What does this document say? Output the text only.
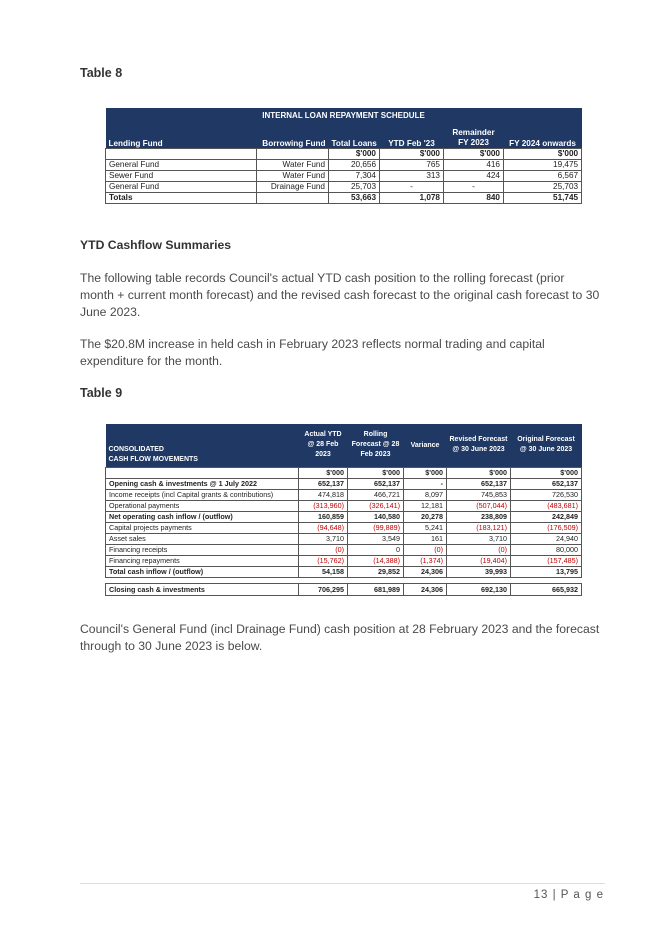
Table 8
INTERNAL LOAN REPAYMENT SCHEDULE					
Lending Fund	Borrowing Fund	Total Loans	YTD Feb '23	Remainder FY 2023	FY 2024 onwards
		$'000	$'000	$'000	$'000
General Fund	Water Fund	20,656	765	416	19,475
Sewer Fund	Water Fund	7,304	313	424	6,567
General Fund	Drainage Fund	25,703	-	-	25,703
Totals		53,663	1,078	840	51,745
YTD Cashflow Summaries
The following table records Council's actual YTD cash position to the rolling forecast (prior month + current month forecast) and the revised cash forecast to the original cash forecast to 30 June 2023.
The $20.8M increase in held cash in February 2023 reflects normal trading and capital expenditure for the month.
Table 9
CONSOLIDATED
CASH FLOW MOVEMENTS	Actual YTD @ 28 Feb 2023	Rolling Forecast @ 28 Feb 2023	Variance	Revised Forecast @ 30 June 2023	Original Forecast @ 30 June 2023
	$'000	$'000	$'000	$'000	$'000
Opening cash & investments @ 1 July 2022	652,137	652,137	-	652,137	652,137
Income receipts (incl Capital grants & contributions)	474,818	466,721	8,097	745,853	726,530
Operational payments	(313,960)	(326,141)	12,181	(507,044)	(483,681)
Net operating cash inflow / (outflow)	160,859	140,580	20,278	238,809	242,849
Capital projects payments	(94,648)	(99,889)	5,241	(183,121)	(176,509)
Asset sales	3,710	3,549	161	3,710	24,940
Financing receipts	(0)	0	(0)	(0)	80,000
Financing repayments	(15,762)	(14,388)	(1,374)	(19,404)	(157,485)
Total cash inflow / (outflow)	54,158	29,852	24,306	39,993	13,795

Closing cash & investments	706,295	681,989	24,306	692,130	665,932
Council's General Fund (incl Drainage Fund) cash position at 28 February 2023 and the forecast through to 30 June 2023 is below.
13 | P a g e
